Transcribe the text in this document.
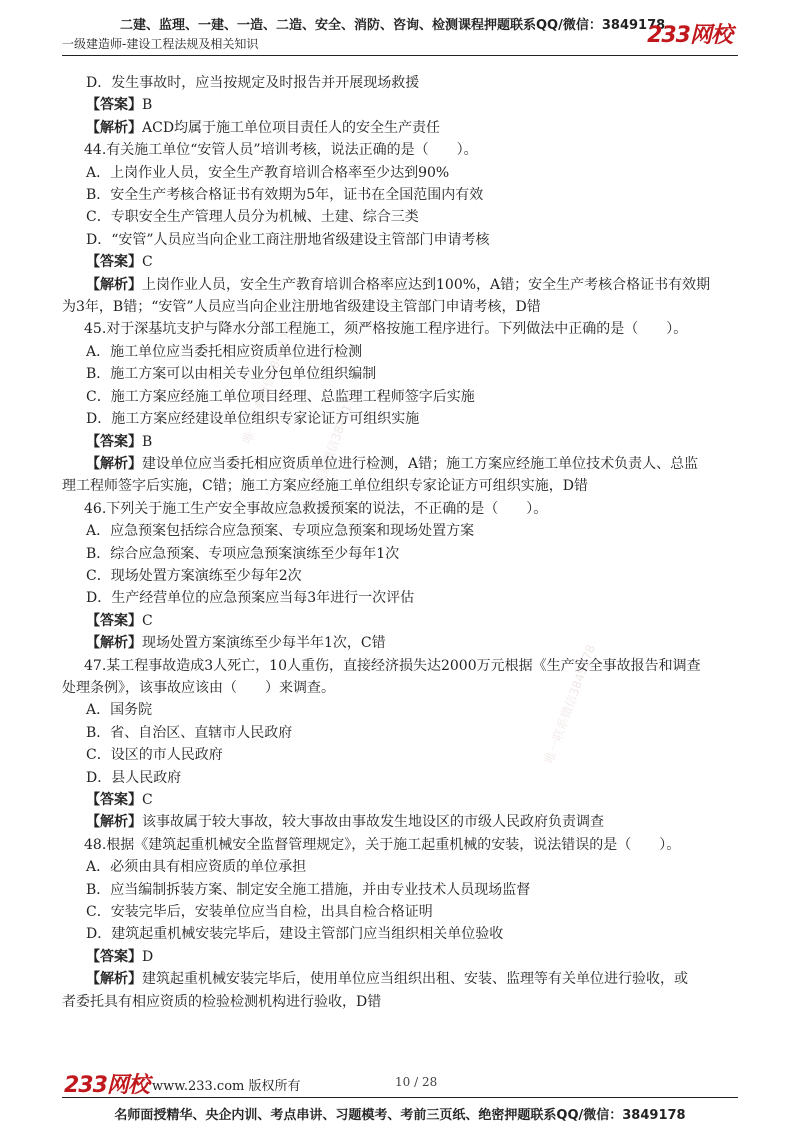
二建、监理、一建、一造、二造、安全、消防、咨询、检测课程押题联系QQ/微信：3849178
一级建造师-建设工程法规及相关知识	233网校
D．发生事故时，应当按规定及时报告并开展现场救援
【答案】B
【解析】ACD均属于施工单位项目责任人的安全生产责任
44.有关施工单位“安管人员”培训考核，说法正确的是（　　）。
A．上岗作业人员，安全生产教育培训合格率至少达到90%
B．安全生产考核合格证书有效期为5年，证书在全国范围内有效
C．专职安全生产管理人员分为机械、土建、综合三类
D．“安管”人员应当向企业工商注册地省级建设主管部门申请考核
【答案】C
【解析】上岗作业人员，安全生产教育培训合格率应达到100%，A错；安全生产考核合格证书有效期
为3年，B错；“安管”人员应当向企业注册地省级建设主管部门申请考核，D错
45.对于深基坑支护与降水分部工程施工，须严格按施工程序进行。下列做法中正确的是（　　）。
A．施工单位应当委托相应资质单位进行检测
B．施工方案可以由相关专业分包单位组织编制
C．施工方案应经施工单位项目经理、总监理工程师签字后实施
D．施工方案应经建设单位组织专家论证方可组织实施
【答案】B
【解析】建设单位应当委托相应资质单位进行检测，A错；施工方案应经施工单位技术负责人、总监
理工程师签字后实施，C错；施工方案应经施工单位组织专家论证方可组织实施，D错
46.下列关于施工生产安全事故应急救援预案的说法，不正确的是（　　）。
A．应急预案包括综合应急预案、专项应急预案和现场处置方案
B．综合应急预案、专项应急预案演练至少每年1次
C．现场处置方案演练至少每年2次
D．生产经营单位的应急预案应当每3年进行一次评估
【答案】C
【解析】现场处置方案演练至少每半年1次，C错
47.某工程事故造成3人死亡，10人重伤，直接经济损失达2000万元根据《生产安全事故报告和调查
处理条例》，该事故应该由（　　）来调查。
A．国务院
B．省、自治区、直辖市人民政府
C．设区的市人民政府
D．县人民政府
【答案】C
【解析】该事故属于较大事故，较大事故由事故发生地设区的市级人民政府负责调查
48.根据《建筑起重机械安全监督管理规定》，关于施工起重机械的安装，说法错误的是（　　）。
A．必须由具有相应资质的单位承担
B．应当编制拆装方案、制定安全施工措施，并由专业技术人员现场监督
C．安装完毕后，安装单位应当自检，出具自检合格证明
D．建筑起重机械安装完毕后，建设主管部门应当组织相关单位验收
【答案】D
【解析】建筑起重机械安装完毕后，使用单位应当组织出租、安装、监理等有关单位进行验收，或
者委托具有相应资质的检验检测机构进行验收，D错
唯一联系微信3849178
唯一联系微信3849178
唯一联系微信3849178
233网校 www.233.com 版权所有	10 / 28
名师面授精华、央企内训、考点串讲、习题模考、考前三页纸、绝密押题联系QQ/微信：3849178
